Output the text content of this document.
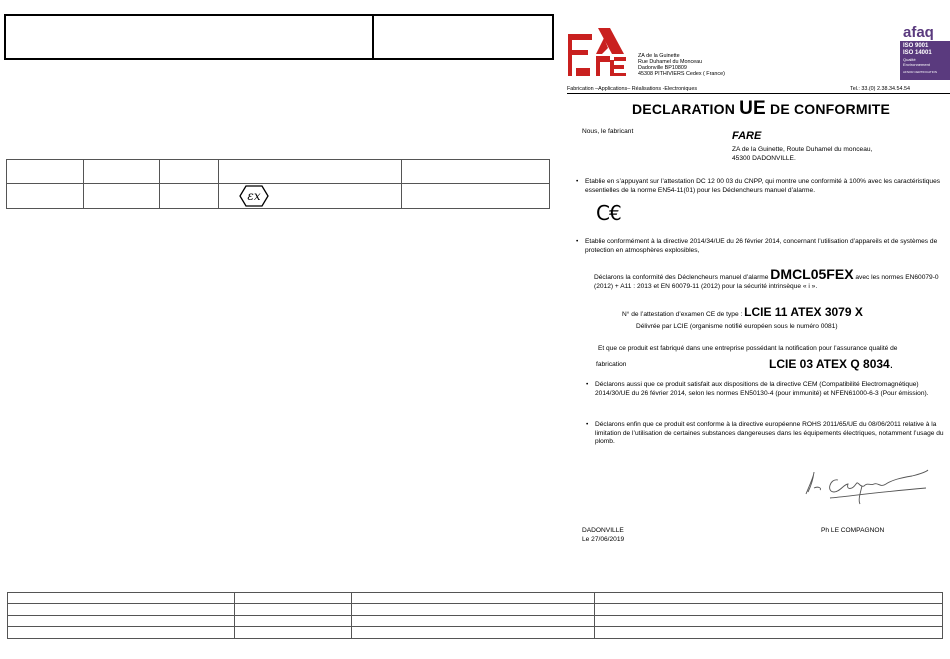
εx	

ZA de la Guinette
Rue Duhamel du Monceau
Dadonville BP10809
45308 PITHIVIERS Cedex ( France)
afaq
ISO 9001
ISO 14001
Qualité
Environnement
AFNOR CERTIFICATION
Fabrication –Applications– Réalisations -Electroniques	Tel.: 33.(0) 2.38.34.54.54
DECLARATION UE DE CONFORMITE
Nous, le fabricant	FARE
ZA de la Guinette, Route Duhamel du monceau,
45300 DADONVILLE.
• Etablie en s’appuyant sur l’attestation DC 12 00 03 du CNPP, qui montre une conformité à 100% avec les caractéristiques essentielles de la norme EN54-11(01) pour les Déclencheurs manuel d’alarme.
C€
• Etablie conformément à la directive 2014/34/UE du 26 février 2014, concernant l’utilisation d’appareils et de systèmes de protection en atmosphères explosibles,
Déclarons la conformité des Déclencheurs manuel d’alarme DMCL05FEX avec les normes EN60079-0 (2012) + A11 : 2013 et EN 60079-11 (2012) pour la sécurité intrinsèque « i ».
N° de l’attestation d’examen CE de type : LCIE 11 ATEX 3079 X
Délivrée par LCIE (organisme notifié européen sous le numéro 0081)
Et que ce produit est fabriqué dans une entreprise possédant la notification pour l’assurance qualité de
fabrication	LCIE 03 ATEX Q 8034.
• Déclarons aussi que ce produit satisfait aux dispositions de la directive CEM (Compatibilité Electromagnétique) 2014/30/UE du 26 février 2014, selon les normes EN50130-4 (pour immunité) et NFEN61000-6-3 (Pour émission).
• Déclarons enfin que ce produit est conforme à la directive européenne ROHS 2011/65/UE du 08/06/2011 relative à la limitation de l’utilisation de certaines substances dangereuses dans les équipements électriques, notamment l’usage du plomb.
DADONVILLE
Le 27/06/2019
Ph LE COMPAGNON
